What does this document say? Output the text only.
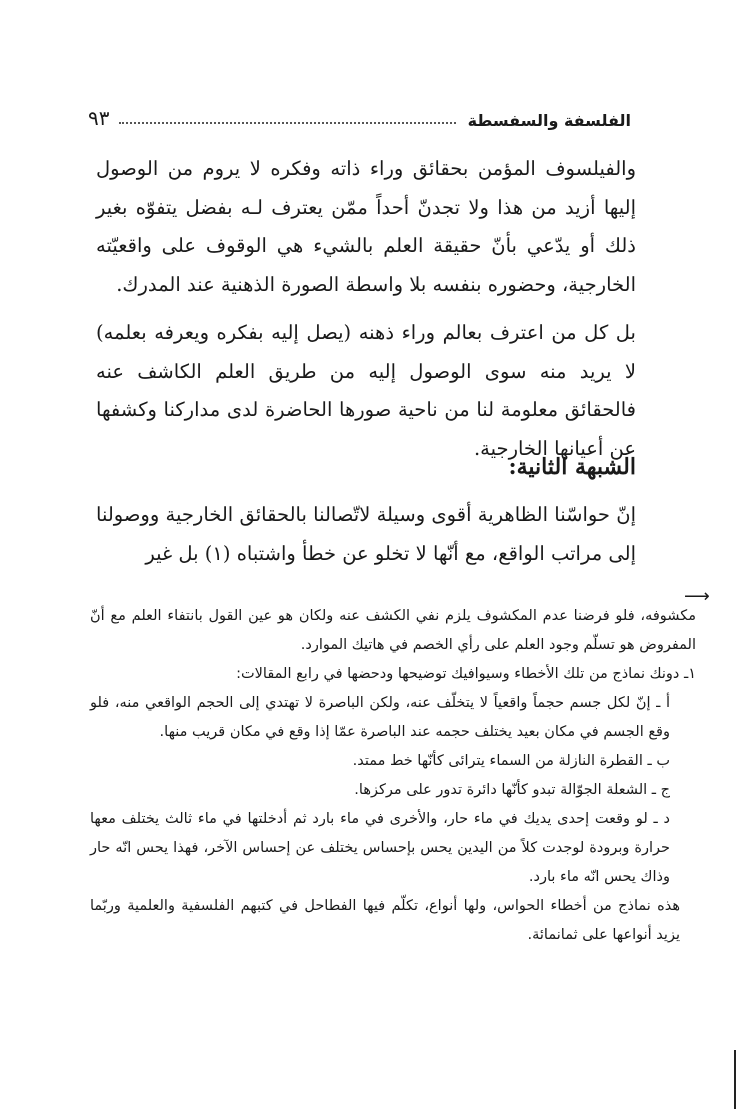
الفلسفة والسفسطة
٩٣

والفيلسوف المؤمن بحقائق وراء ذاته وفكره لا يروم من الوصول إليها أزيد من هذا ولا تجدنّ أحداً ممّن يعترف لـه بفضل يتفوّه بغير ذلك أو يدّعي بأنّ حقيقة العلم بالشيء هي الوقوف على واقعيّته الخارجية، وحضوره بنفسه بلا واسطة الصورة الذهنية عند المدرك.

بل كل من اعترف بعالم وراء ذهنه (يصل إليه بفكره ويعرفه بعلمه) لا يريد منه سوى الوصول إليه من طريق العلم الكاشف عنه فالحقائق معلومة لنا من ناحية صورها الحاضرة لدى مداركنا وكشفها عن أعيانها الخارجية.

الشبهة الثانية:

إنّ حواسّنا الظاهرية أقوى وسيلة لاتّصالنا بالحقائق الخارجية ووصولنا إلى مراتب الواقع، مع أنّها لا تخلو عن خطأ واشتباه (١) بل غير

⟶

مكشوفه، فلو فرضنا عدم المكشوف يلزم نفي الكشف عنه ولكان هو عين القول بانتفاء العلم مع أنّ المفروض هو تسلّم وجود العلم على رأي الخصم في هاتيك الموارد.

١ـ دونك نماذج من تلك الأخطاء وسيوافيك توضيحها ودحضها في رابع المقالات:

أ ـ إنّ لكل جسم حجماً واقعياً لا يتخلّف عنه، ولكن الباصرة لا تهتدي إلى الحجم الواقعي منه، فلو وقع الجسم في مكان بعيد يختلف حجمه عند الباصرة عمّا إذا وقع في مكان قريب منها.

ب ـ القطرة النازلة من السماء يترائى كأنّها خط ممتد.

ج ـ الشعلة الجوّالة تبدو كأنّها دائرة تدور على مركزها.

د ـ لو وقعت إحدى يديك في ماء حار، والأخرى في ماء بارد ثم أدخلتها في ماء ثالث يختلف معها حرارة وبرودة لوجدت كلاً من اليدين يحس بإحساس يختلف عن إحساس الآخر، فهذا يحس انّه حار وذاك يحس انّه ماء بارد.

هذه نماذج من أخطاء الحواس، ولها أنواع، تكلّم فيها الفطاحل في كتبهم الفلسفية والعلمية وربّما يزيد أنواعها على ثمانمائة.
